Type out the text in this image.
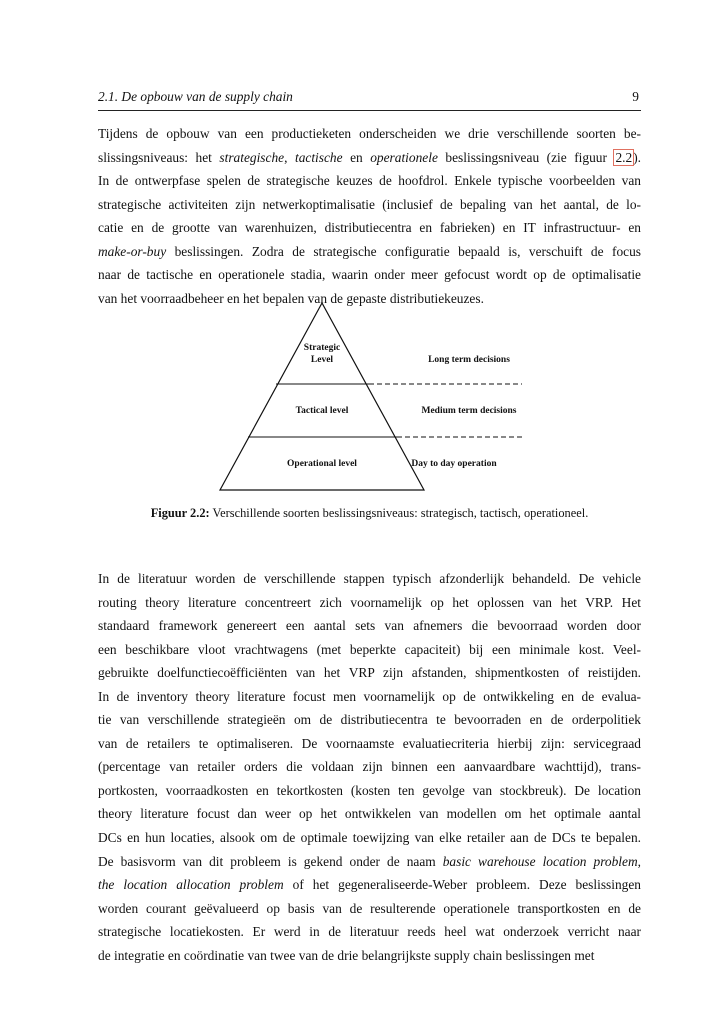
2.1. De opbouw van de supply chain	9
Tijdens de opbouw van een productieketen onderscheiden we drie verschillende soorten be-
slissingsniveaus: het strategische, tactische en operationele beslissingsniveau (zie figuur 2.2).
In de ontwerpfase spelen de strategische keuzes de hoofdrol. Enkele typische voorbeelden van
strategische activiteiten zijn netwerkoptimalisatie (inclusief de bepaling van het aantal, de lo-
catie en de grootte van warenhuizen, distributiecentra en fabrieken) en IT infrastructuur- en
make-or-buy beslissingen. Zodra de strategische configuratie bepaald is, verschuift de focus
naar de tactische en operationele stadia, waarin onder meer gefocust wordt op de optimalisatie
van het voorraadbeheer en het bepalen van de gepaste distributiekeuzes.
Strategic
Level
Tactical level
Operational level
Long term decisions
Medium term decisions
Day to day operation
Figuur 2.2: Verschillende soorten beslissingsniveaus: strategisch, tactisch, operationeel.
In de literatuur worden de verschillende stappen typisch afzonderlijk behandeld. De vehicle
routing theory literature concentreert zich voornamelijk op het oplossen van het VRP. Het
standaard framework genereert een aantal sets van afnemers die bevoorraad worden door
een beschikbare vloot vrachtwagens (met beperkte capaciteit) bij een minimale kost. Veel-
gebruikte doelfunctiecoëfficiënten van het VRP zijn afstanden, shipmentkosten of reistijden.
In de inventory theory literature focust men voornamelijk op de ontwikkeling en de evalua-
tie van verschillende strategieën om de distributiecentra te bevoorraden en de orderpolitiek
van de retailers te optimaliseren. De voornaamste evaluatiecriteria hierbij zijn: servicegraad
(percentage van retailer orders die voldaan zijn binnen een aanvaardbare wachttijd), trans-
portkosten, voorraadkosten en tekortkosten (kosten ten gevolge van stockbreuk). De location
theory literature focust dan weer op het ontwikkelen van modellen om het optimale aantal
DCs en hun locaties, alsook om de optimale toewijzing van elke retailer aan de DCs te bepalen.
De basisvorm van dit probleem is gekend onder de naam basic warehouse location problem,
the location allocation problem of het gegeneraliseerde-Weber probleem. Deze beslissingen
worden courant geëvalueerd op basis van de resulterende operationele transportkosten en de
strategische locatiekosten. Er werd in de literatuur reeds heel wat onderzoek verricht naar
de integratie en coördinatie van twee van de drie belangrijkste supply chain beslissingen met
